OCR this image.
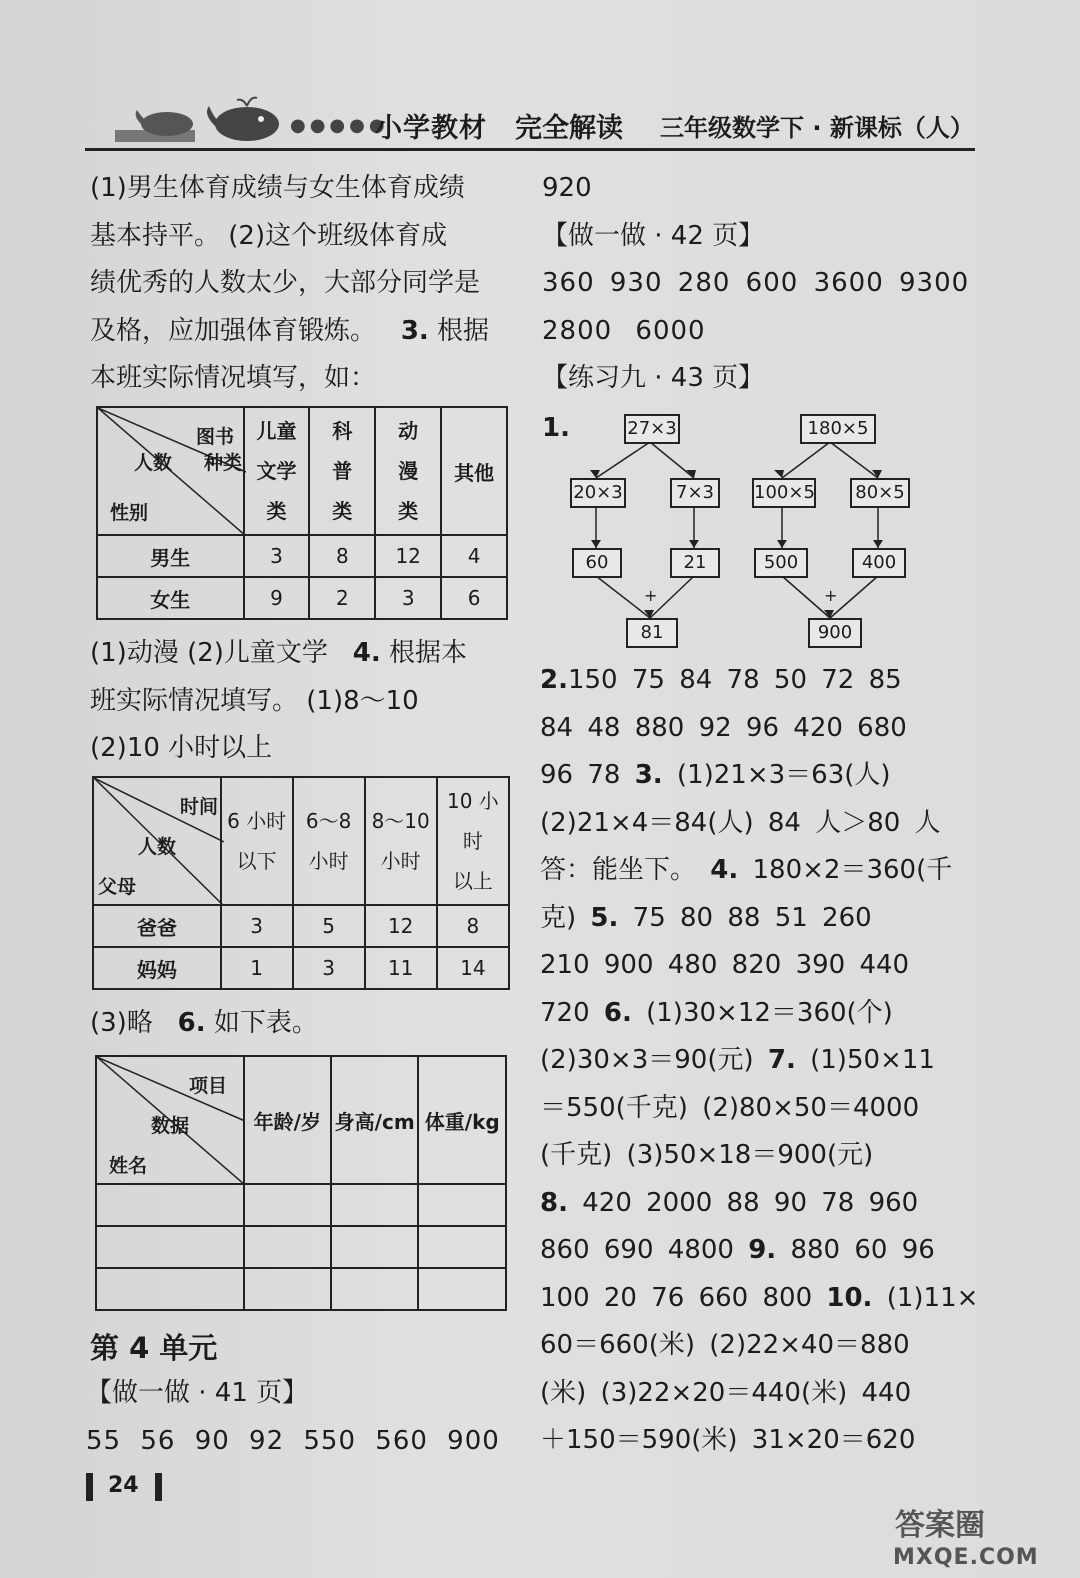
●●●●●
小学教材 完全解读 三年级数学下 · 新课标（人）

(1)男生体育成绩与女生体育成绩

基本持平。 (2)这个班级体育成

绩优秀的人数太少，大部分同学是

及格，应加强体育锻炼。 3. 根据

本班实际情况填写，如：

图书
种类
人数
性别	儿童
文学
类	科
普
类	动
漫
类	其他
男生	3	8	12	4
女生	9	2	3	6

(1)动漫 (2)儿童文学 4. 根据本

班实际情况填写。 (1)8～10

(2)10 小时以上

时间
人数
父母	6 小时
以下	6～8
小时	8～10
小时	10 小时
以上
爸爸	3	5	12	8
妈妈	1	3	11	14

(3)略 6. 如下表。

项目
数据
姓名	年龄/岁	身高/cm	体重/kg

第 4 单元

【做一做 · 41 页】

55 56 90 92 550 560 900

24

920

【做一做 · 42 页】

360 930 280 600 3600 9300

2800 6000

【练习九 · 43 页】

1.

+	+
27×3
20×3	7×3
60	21
81
180×5
100×5 80×5
500	400
900

2.150 75 84 78 50 72 85

84 48 880 92 96 420 680

96 78 3. (1)21×3＝63(人)

(2)21×4＝84(人) 84 人＞80 人

答：能坐下。 4. 180×2＝360(千

克) 5. 75 80 88 51 260

210 900 480 820 390 440

720 6. (1)30×12＝360(个)

(2)30×3＝90(元) 7. (1)50×11

＝550(千克) (2)80×50＝4000

(千克) (3)50×18＝900(元)

8. 420 2000 88 90 78 960

860 690 4800 9. 880 60 96

100 20 76 660 800 10. (1)11×

60＝660(米) (2)22×40＝880

(米) (3)22×20＝440(米) 440

＋150＝590(米) 31×20＝620

答案圈
MXQE.COM
